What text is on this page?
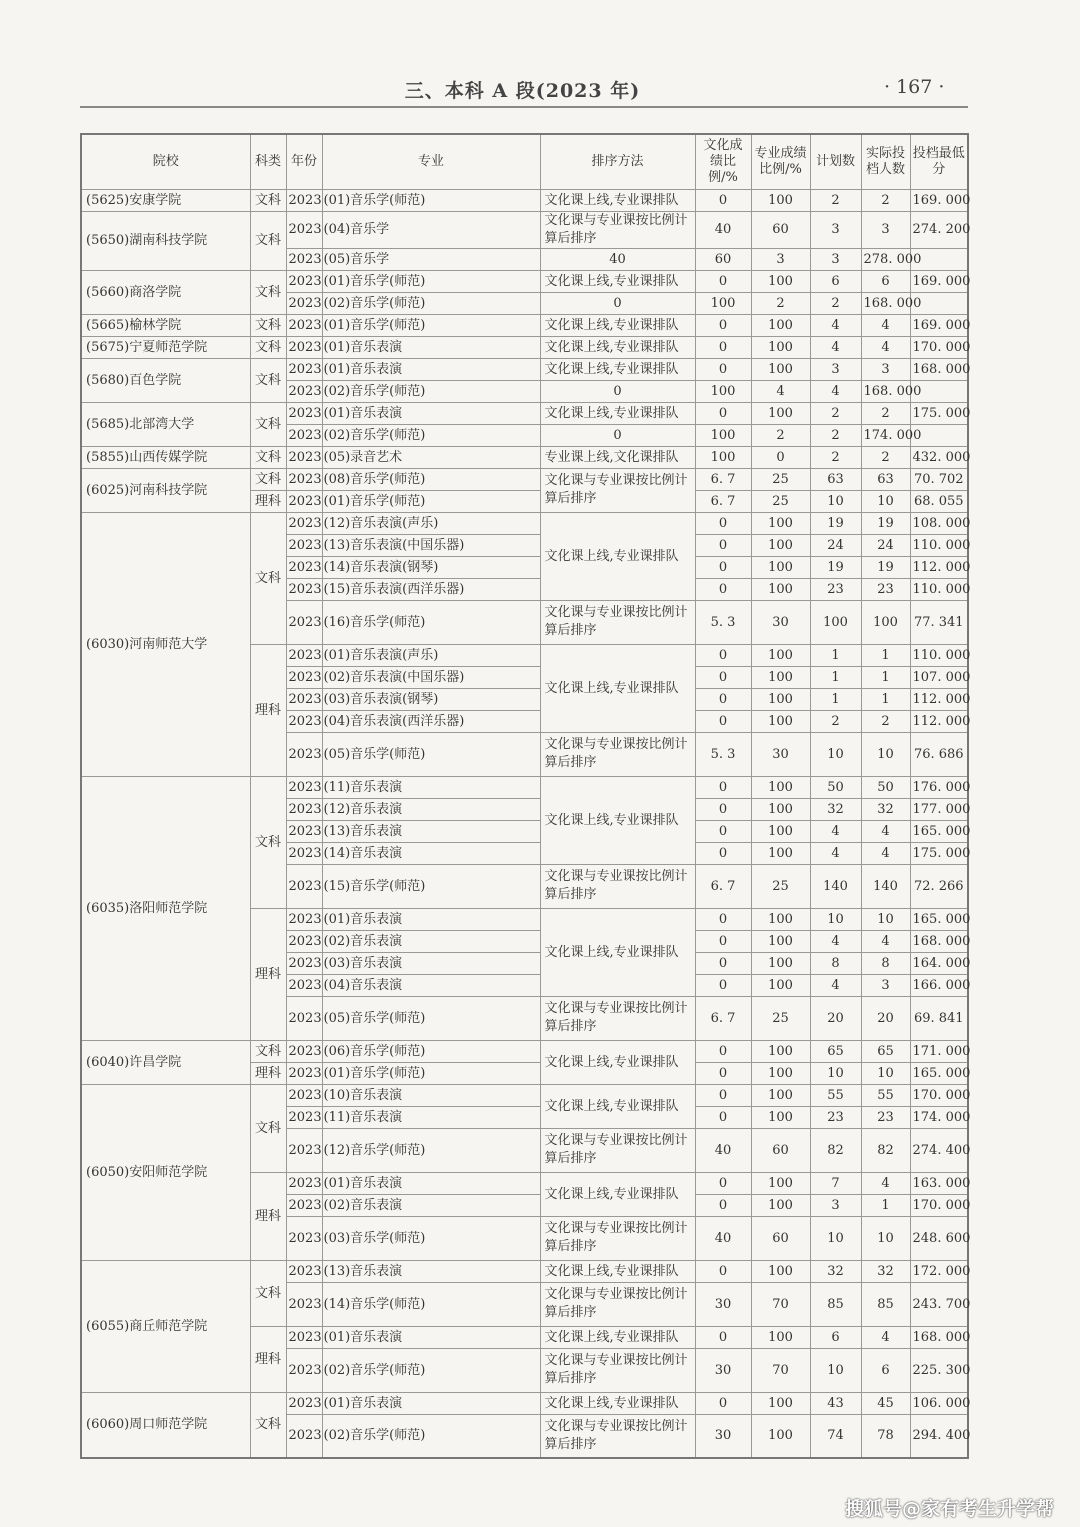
三、本科 A 段(2023 年)	· 167 ·
院校	科类	年份	专业	排序方法	文化成绩比例/%	专业成绩比例/%	计划数	实际投档人数	投档最低分
(5625)安康学院	文科	2023	(01)音乐学(师范)	文化课上线,专业课排队	0	100	2	2	169. 000
(5650)湖南科技学院	文科	2023	(04)音乐学	文化课与专业课按比例计算后排序	40	60	3	3	274. 200
		2023	(05)音乐学	40	60	3	3	278. 000	
(5660)商洛学院	文科	2023	(01)音乐学(师范)	文化课上线,专业课排队	0	100	6	6	169. 000
		2023	(02)音乐学(师范)	0	100	2	2	168. 000	
(5665)榆林学院	文科	2023	(01)音乐学(师范)	文化课上线,专业课排队	0	100	4	4	169. 000
(5675)宁夏师范学院	文科	2023	(01)音乐表演	文化课上线,专业课排队	0	100	4	4	170. 000
(5680)百色学院	文科	2023	(01)音乐表演	文化课上线,专业课排队	0	100	3	3	168. 000
		2023	(02)音乐学(师范)	0	100	4	4	168. 000	
(5685)北部湾大学	文科	2023	(01)音乐表演	文化课上线,专业课排队	0	100	2	2	175. 000
		2023	(02)音乐学(师范)	0	100	2	2	174. 000	
(5855)山西传媒学院	文科	2023	(05)录音艺术	专业课上线,文化课排队	100	0	2	2	432. 000
(6025)河南科技学院	文科	2023	(08)音乐学(师范)	文化课与专业课按比例计算后排序	6. 7	25	63	63	70. 702
	理科	2023	(01)音乐学(师范)		6. 7	25	10	10	68. 055
(6030)河南师范大学	文科	2023	(12)音乐表演(声乐)	文化课上线,专业课排队	0	100	19	19	108. 000
		2023	(13)音乐表演(中国乐器)		0	100	24	24	110. 000
		2023	(14)音乐表演(钢琴)		0	100	19	19	112. 000
		2023	(15)音乐表演(西洋乐器)		0	100	23	23	110. 000
		2023	(16)音乐学(师范)	文化课与专业课按比例计算后排序	5. 3	30	100	100	77. 341
	理科	2023	(01)音乐表演(声乐)	文化课上线,专业课排队	0	100	1	1	110. 000
		2023	(02)音乐表演(中国乐器)		0	100	1	1	107. 000
		2023	(03)音乐表演(钢琴)		0	100	1	1	112. 000
		2023	(04)音乐表演(西洋乐器)		0	100	2	2	112. 000
		2023	(05)音乐学(师范)	文化课与专业课按比例计算后排序	5. 3	30	10	10	76. 686
(6035)洛阳师范学院	文科	2023	(11)音乐表演	文化课上线,专业课排队	0	100	50	50	176. 000
		2023	(12)音乐表演		0	100	32	32	177. 000
		2023	(13)音乐表演		0	100	4	4	165. 000
		2023	(14)音乐表演		0	100	4	4	175. 000
		2023	(15)音乐学(师范)	文化课与专业课按比例计算后排序	6. 7	25	140	140	72. 266
	理科	2023	(01)音乐表演	文化课上线,专业课排队	0	100	10	10	165. 000
		2023	(02)音乐表演		0	100	4	4	168. 000
		2023	(03)音乐表演		0	100	8	8	164. 000
		2023	(04)音乐表演		0	100	4	3	166. 000
		2023	(05)音乐学(师范)	文化课与专业课按比例计算后排序	6. 7	25	20	20	69. 841
(6040)许昌学院	文科	2023	(06)音乐学(师范)	文化课上线,专业课排队	0	100	65	65	171. 000
	理科	2023	(01)音乐学(师范)		0	100	10	10	165. 000
(6050)安阳师范学院	文科	2023	(10)音乐表演	文化课上线,专业课排队	0	100	55	55	170. 000
		2023	(11)音乐表演		0	100	23	23	174. 000
		2023	(12)音乐学(师范)	文化课与专业课按比例计算后排序	40	60	82	82	274. 400
	理科	2023	(01)音乐表演	文化课上线,专业课排队	0	100	7	4	163. 000
		2023	(02)音乐表演		0	100	3	1	170. 000
		2023	(03)音乐学(师范)	文化课与专业课按比例计算后排序	40	60	10	10	248. 600
(6055)商丘师范学院	文科	2023	(13)音乐表演	文化课上线,专业课排队	0	100	32	32	172. 000
		2023	(14)音乐学(师范)	文化课与专业课按比例计算后排序	30	70	85	85	243. 700
	理科	2023	(01)音乐表演	文化课上线,专业课排队	0	100	6	4	168. 000
		2023	(02)音乐学(师范)	文化课与专业课按比例计算后排序	30	70	10	6	225. 300
(6060)周口师范学院	文科	2023	(01)音乐表演	文化课上线,专业课排队	0	100	43	45	106. 000
		2023	(02)音乐学(师范)	文化课与专业课按比例计算后排序	30	100	74	78	294. 400
搜狐号@家有考生升学帮
